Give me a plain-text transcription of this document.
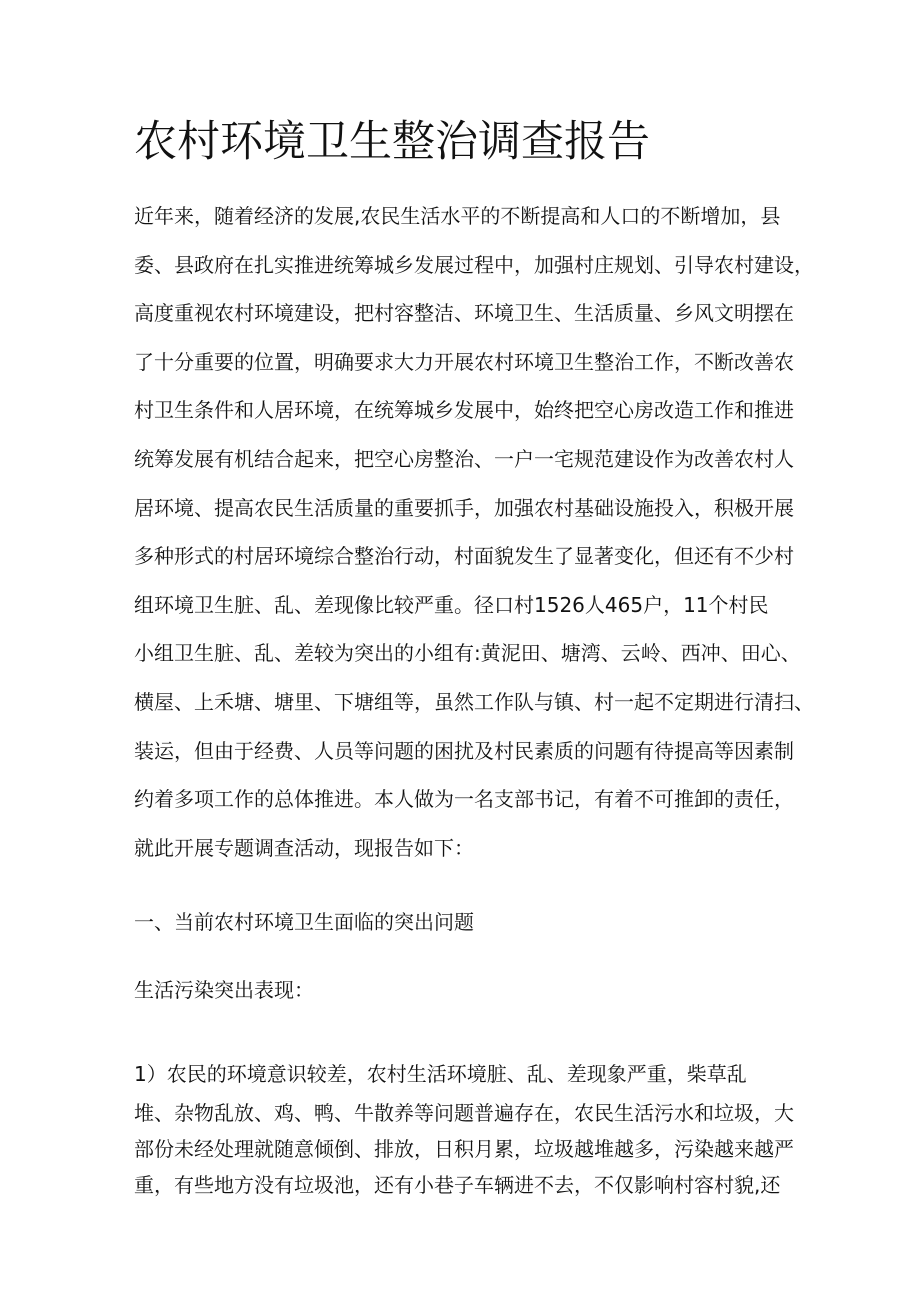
农村环境卫生整治调查报告
近年来，随着经济的发展,农民生活水平的不断提高和人口的不断增加，县
委、县政府在扎实推进统筹城乡发展过程中，加强村庄规划、引导农村建设，
高度重视农村环境建设，把村容整洁、环境卫生、生活质量、乡风文明摆在
了十分重要的位置，明确要求大力开展农村环境卫生整治工作，不断改善农
村卫生条件和人居环境，在统筹城乡发展中，始终把空心房改造工作和推进
统筹发展有机结合起来，把空心房整治、一户一宅规范建设作为改善农村人
居环境、提高农民生活质量的重要抓手，加强农村基础设施投入，积极开展
多种形式的村居环境综合整治行动，村面貌发生了显著变化，但还有不少村
组环境卫生脏、乱、差现像比较严重。径口村1526人465户，11个村民
小组卫生脏、乱、差较为突出的小组有:黄泥田、塘湾、云岭、西冲、田心、
横屋、上禾塘、塘里、下塘组等，虽然工作队与镇、村一起不定期进行清扫、
装运，但由于经费、人员等问题的困扰及村民素质的问题有待提高等因素制
约着多项工作的总体推进。本人做为一名支部书记，有着不可推卸的责任，
就此开展专题调查活动，现报告如下：

一、当前农村环境卫生面临的突出问题

生活污染突出表现：

1）农民的环境意识较差，农村生活环境脏、乱、差现象严重，柴草乱

堆、杂物乱放、鸡、鸭、牛散养等问题普遍存在，农民生活污水和垃圾，大
部份未经处理就随意倾倒、排放，日积月累，垃圾越堆越多，污染越来越严
重，有些地方没有垃圾池，还有小巷子车辆进不去，不仅影响村容村貌,还
